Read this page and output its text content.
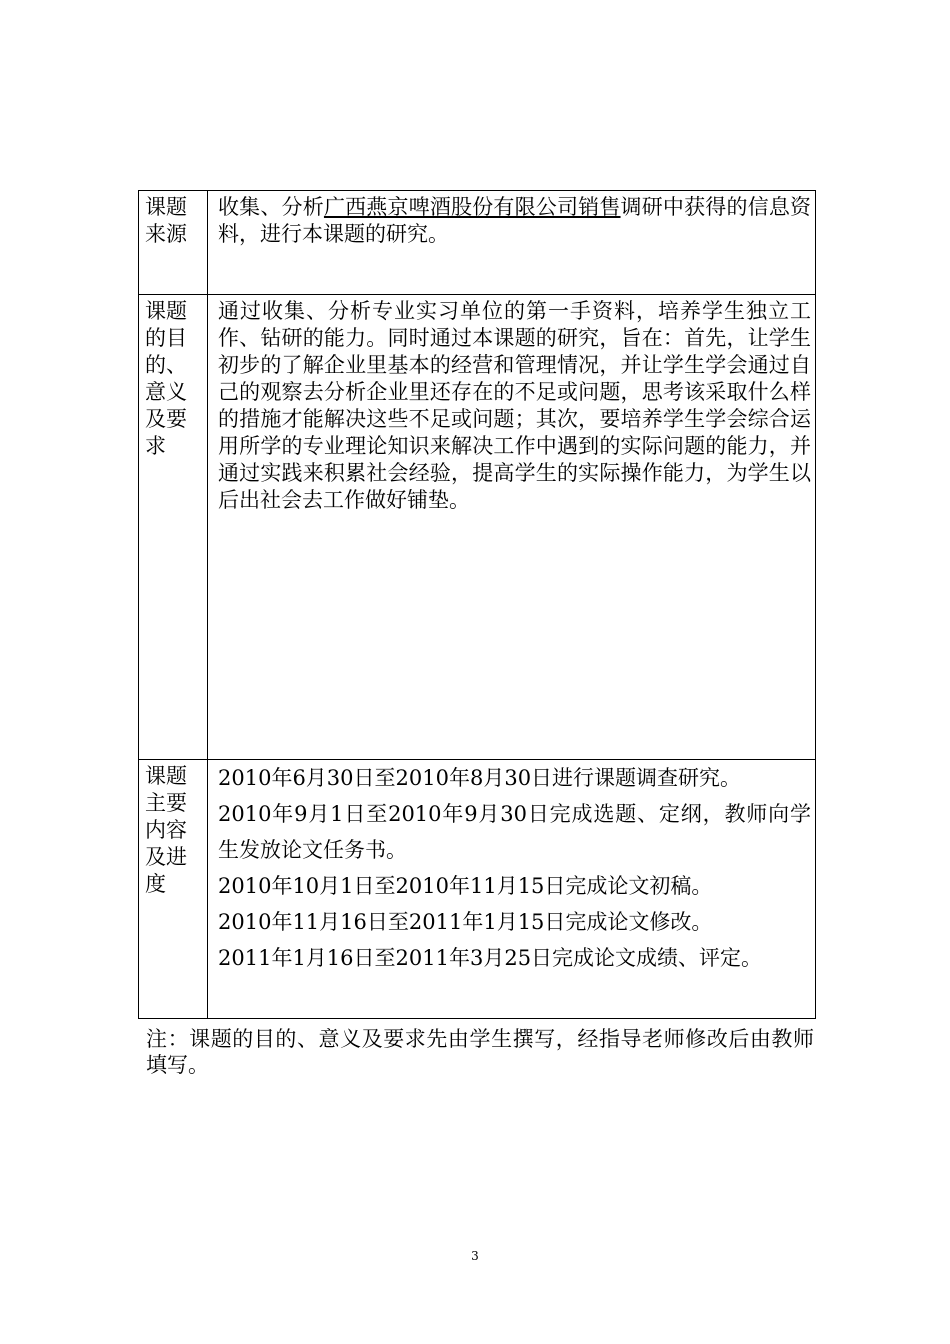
课题来源	收集、分析广西燕京啤酒股份有限公司销售调研中获得的信息资料，进行本课题的研究。

课题的目的、意义及要求	通过收集、分析专业实习单位的第一手资料，培养学生独立工作、钻研的能力。同时通过本课题的研究，旨在：首先，让学生初步的了解企业里基本的经营和管理情况，并让学生学会通过自己的观察去分析企业里还存在的不足或问题，思考该采取什么样的措施才能解决这些不足或问题；其次，要培养学生学会综合运用所学的专业理论知识来解决工作中遇到的实际问题的能力，并通过实践来积累社会经验，提高学生的实际操作能力，为学生以后出社会去工作做好铺垫。

课题主要内容及进度	2010年6月30日至2010年8月30日进行课题调查研究。
2010年9月1日至2010年9月30日完成选题、定纲，教师向学生发放论文任务书。
2010年10月1日至2010年11月15日完成论文初稿。
2010年11月16日至2011年1月15日完成论文修改。
2011年1月16日至2011年3月25日完成论文成绩、评定。
注：课题的目的、意义及要求先由学生撰写，经指导老师修改后由教师填写。
3
